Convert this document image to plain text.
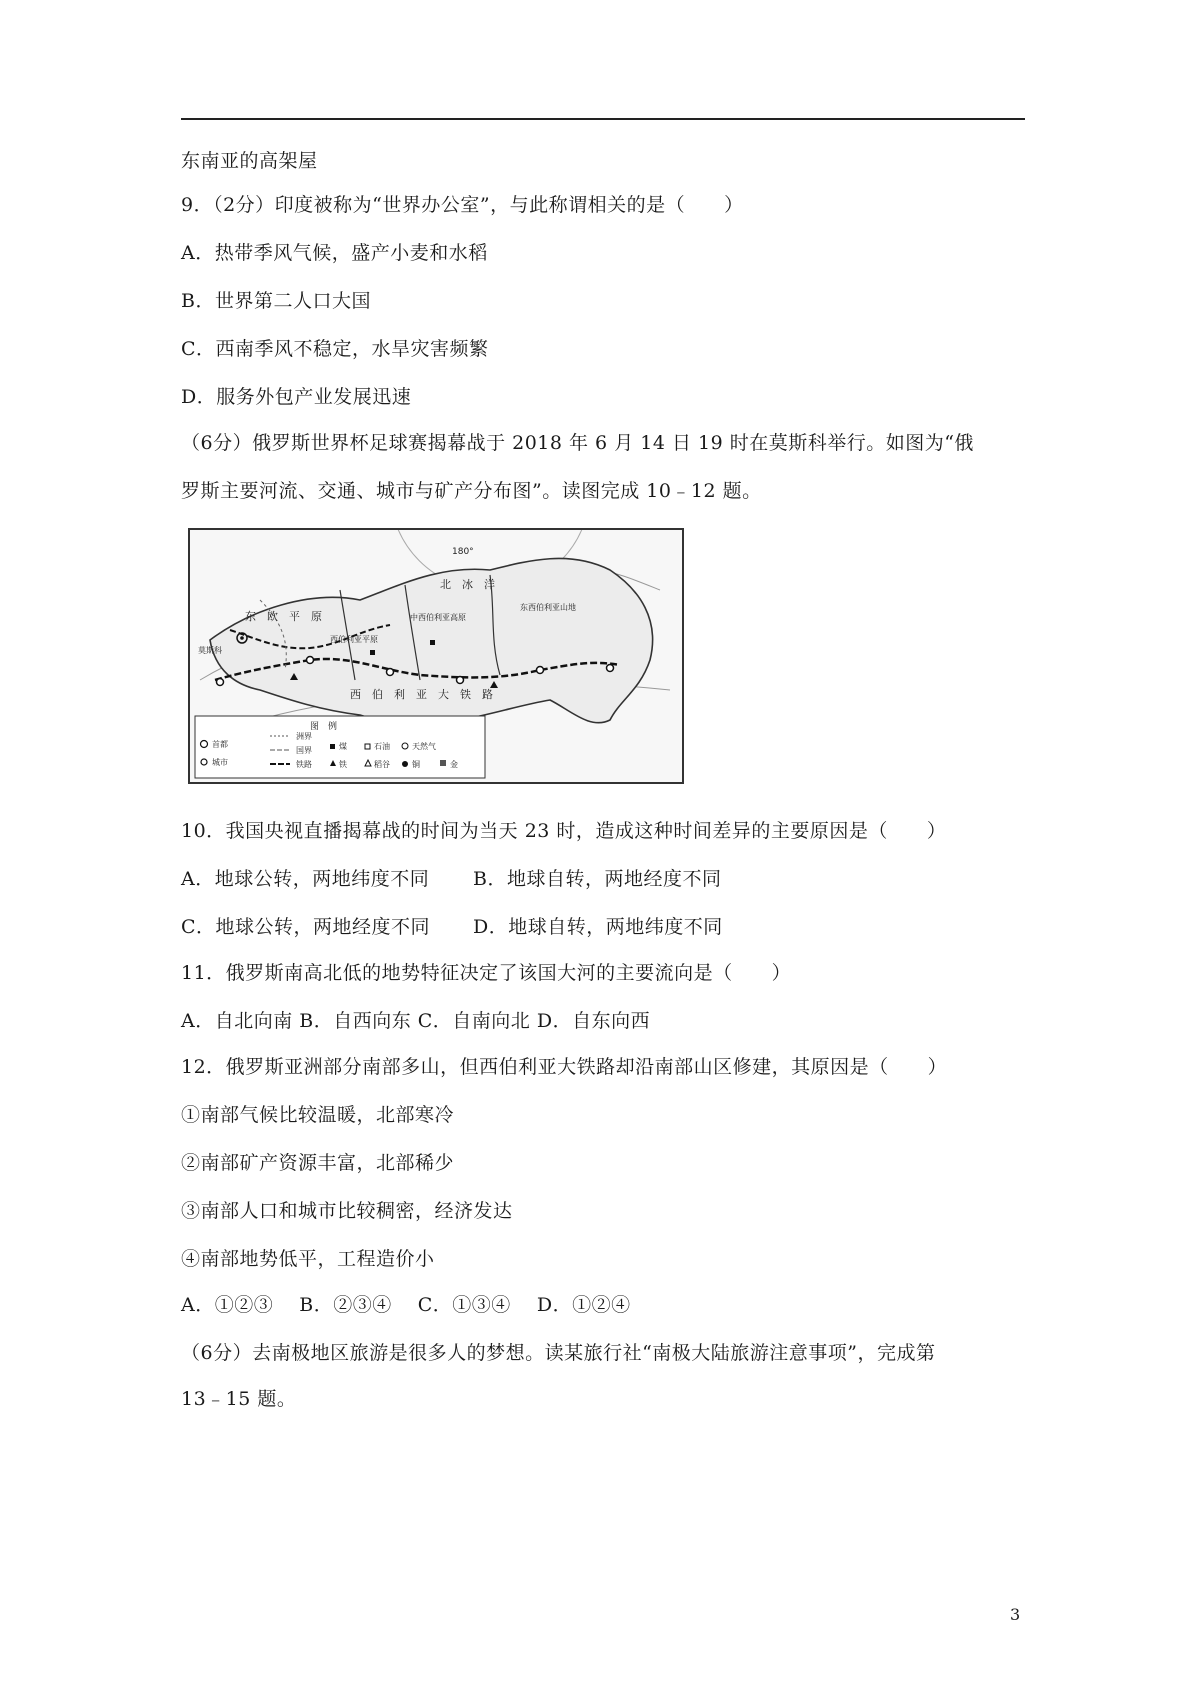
东南亚的高架屋
9．（2分）印度被称为“世界办公室”，与此称谓相关的是（　　）
A．热带季风气候，盛产小麦和水稻
B．世界第二人口大国
C．西南季风不稳定，水旱灾害频繁
D．服务外包产业发展迅速
（6分）俄罗斯世界杯足球赛揭幕战于 2018 年 6 月 14 日 19 时在莫斯科举行。如图为“俄
罗斯主要河流、交通、城市与矿产分布图”。读图完成 10﹣12 题。
180°
北　冰　洋
东　欧　平　原
西伯利亚平原
中西伯利亚高原
东西伯利亚山地
西　伯　利　亚　大　铁　路
莫斯科
图　例
首都
城市
洲界
国界
铁路
煤
铁
石油
稻谷
天然气
铜	金
10．我国央视直播揭幕战的时间为当天 23 时，造成这种时间差异的主要原因是（　　）
A．地球公转，两地纬度不同 B．地球自转，两地经度不同
C．地球公转，两地经度不同 D．地球自转，两地纬度不同
11．俄罗斯南高北低的地势特征决定了该国大河的主要流向是（　　）
A．自北向南 B．自西向东 C．自南向北 D．自东向西
12．俄罗斯亚洲部分南部多山，但西伯利亚大铁路却沿南部山区修建，其原因是（　　）
①南部气候比较温暖，北部寒冷
②南部矿产资源丰富，北部稀少
③南部人口和城市比较稠密，经济发达
④南部地势低平，工程造价小
A．①②③　 B．②③④　 C．①③④　 D．①②④
（6分）去南极地区旅游是很多人的梦想。读某旅行社“南极大陆旅游注意事项”，完成第
13﹣15 题。
3
